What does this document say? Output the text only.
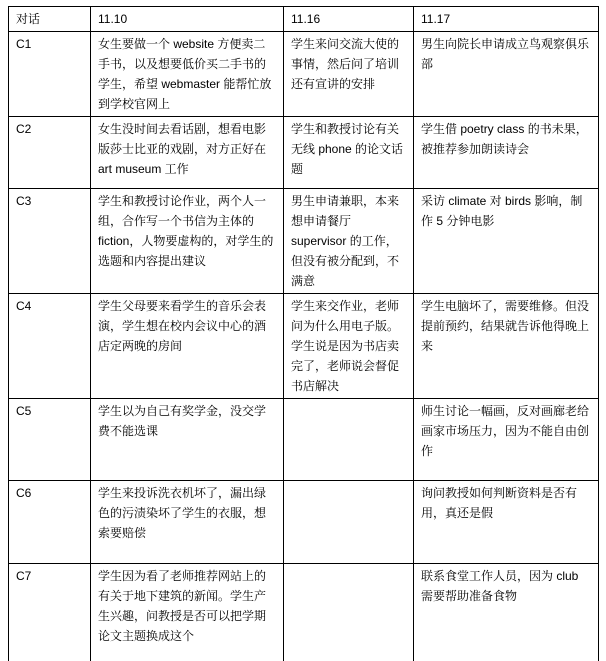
对话	11.10	11.16	11.17
C1	女生要做一个 website 方便卖二手书，以及想要低价买二手书的学生，希望 webmaster 能帮忙放到学校官网上	学生来问交流大使的事情，然后问了培训还有宣讲的安排	男生向院长申请成立鸟观察俱乐部
C2	女生没时间去看话剧，想看电影版莎士比亚的戏剧，对方正好在 art museum 工作	学生和教授讨论有关无线 phone 的论文话题	学生借 poetry class 的书未果，被推荐参加朗读诗会
C3	学生和教授讨论作业，两个人一组，合作写一个书信为主体的 fiction，人物要虚构的，对学生的选题和内容提出建议	男生申请兼职，本来想申请餐厅 supervisor 的工作，但没有被分配到，不满意	采访 climate 对 birds 影响，制作 5 分钟电影
C4	学生父母要来看学生的音乐会表演，学生想在校内会议中心的酒店定两晚的房间	学生来交作业，老师问为什么用电子版。学生说是因为书店卖完了，老师说会督促书店解决	学生电脑坏了，需要维修。但没提前预约，结果就告诉他得晚上来
C5	学生以为自己有奖学金，没交学费不能选课		师生讨论一幅画，反对画廊老给画家市场压力，因为不能自由创作
C6	学生来投诉洗衣机坏了，漏出绿色的污渍染坏了学生的衣服，想索要赔偿		询问教授如何判断资料是否有用，真还是假
C7	学生因为看了老师推荐网站上的有关于地下建筑的新闻。学生产生兴趣，问教授是否可以把学期论文主题换成这个		联系食堂工作人员，因为 club 需要帮助准备食物
